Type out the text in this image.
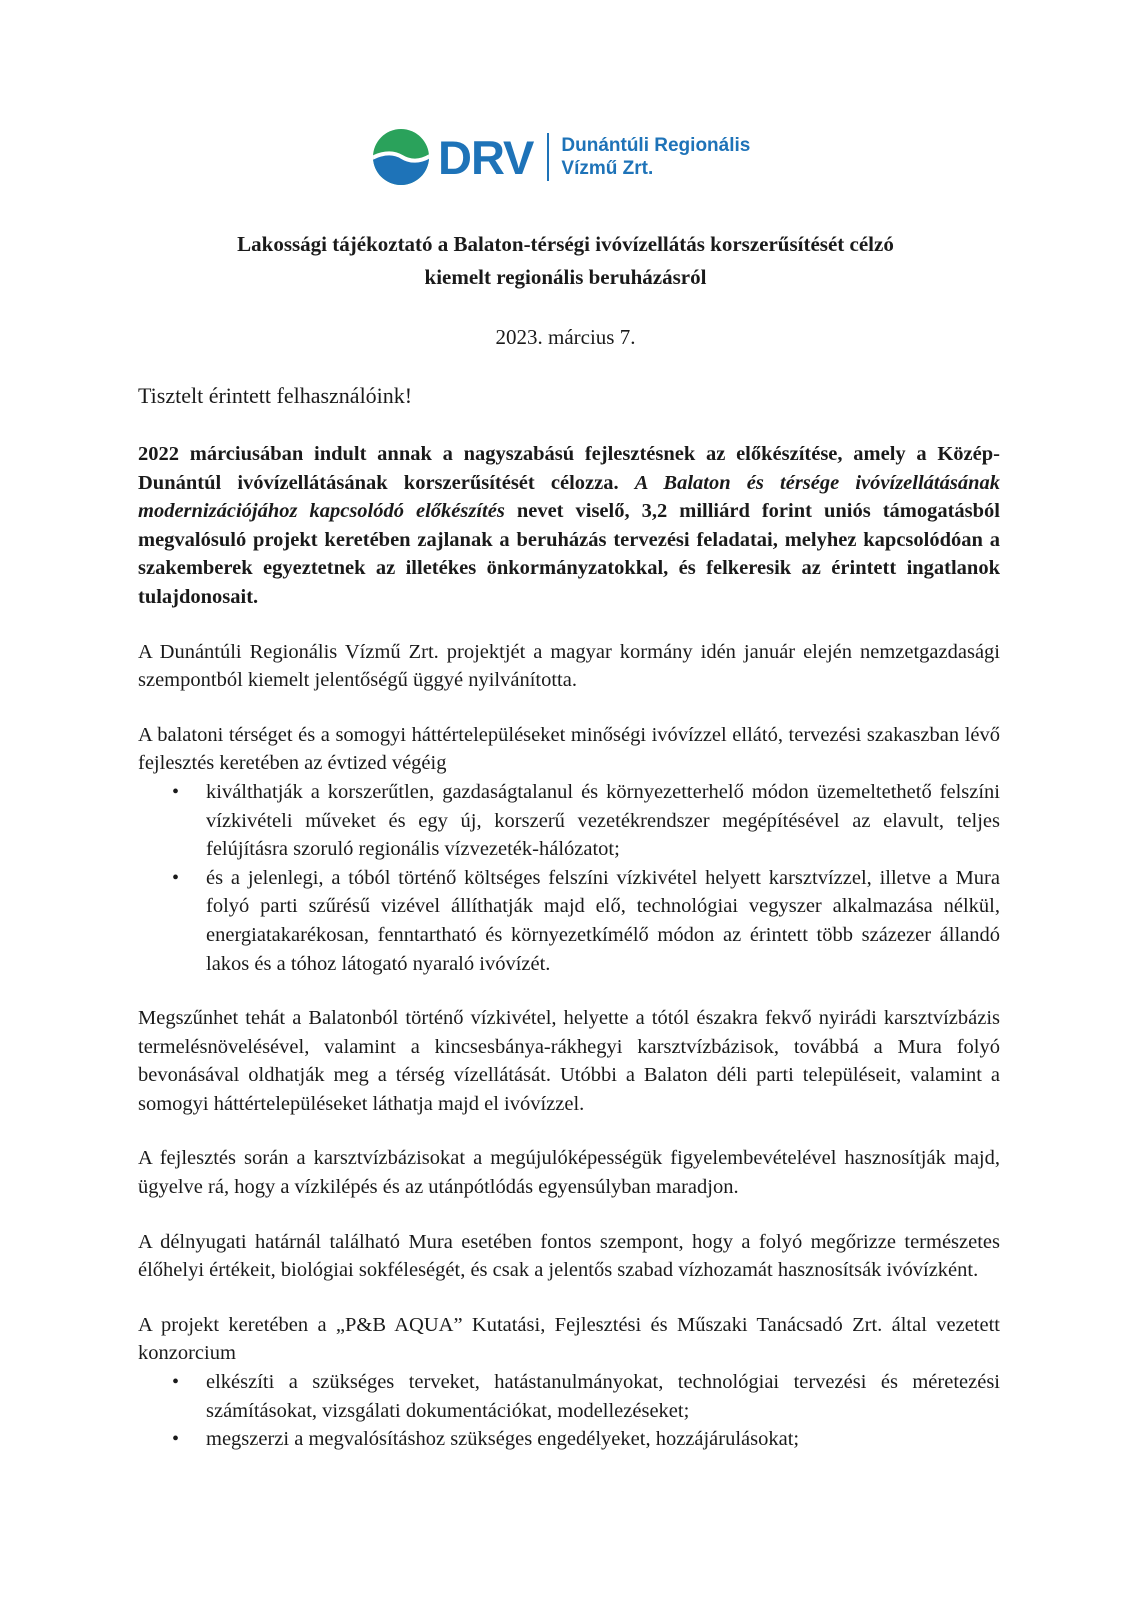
DRV Dunántúli Regionális
Vízmű Zrt.
Lakossági tájékoztató a Balaton-térségi ivóvízellátás korszerűsítését célzó
kiemelt regionális beruházásról
2023. március 7.
Tisztelt érintett felhasználóink!

2022 márciusában indult annak a nagyszabású fejlesztésnek az előkészítése, amely a Közép-Dunántúl ivóvízellátásának korszerűsítését célozza. A Balaton és térsége ivóvízellátásának modernizációjához kapcsolódó előkészítés nevet viselő, 3,2 milliárd forint uniós támogatásból megvalósuló projekt keretében zajlanak a beruházás tervezési feladatai, melyhez kapcsolódóan a szakemberek egyeztetnek az illetékes önkormányzatokkal, és felkeresik az érintett ingatlanok tulajdonosait.

A Dunántúli Regionális Vízmű Zrt. projektjét a magyar kormány idén január elején nemzetgazdasági szempontból kiemelt jelentőségű üggyé nyilvánította.

A balatoni térséget és a somogyi háttértelepüléseket minőségi ivóvízzel ellátó, tervezési szakaszban lévő fejlesztés keretében az évtized végéig

• kiválthatják a korszerűtlen, gazdaságtalanul és környezetterhelő módon üzemeltethető felszíni vízkivételi műveket és egy új, korszerű vezetékrendszer megépítésével az elavult, teljes felújításra szoruló regionális vízvezeték-hálózatot;
• és a jelenlegi, a tóból történő költséges felszíni vízkivétel helyett karsztvízzel, illetve a Mura folyó parti szűrésű vizével állíthatják majd elő, technológiai vegyszer alkalmazása nélkül, energiatakarékosan, fenntartható és környezetkímélő módon az érintett több százezer állandó lakos és a tóhoz látogató nyaraló ivóvízét.

Megszűnhet tehát a Balatonból történő vízkivétel, helyette a tótól északra fekvő nyirádi karsztvízbázis termelésnövelésével, valamint a kincsesbánya-rákhegyi karsztvízbázisok, továbbá a Mura folyó bevonásával oldhatják meg a térség vízellátását. Utóbbi a Balaton déli parti településeit, valamint a somogyi háttértelepüléseket láthatja majd el ivóvízzel.

A fejlesztés során a karsztvízbázisokat a megújulóképességük figyelembevételével hasznosítják majd, ügyelve rá, hogy a vízkilépés és az utánpótlódás egyensúlyban maradjon.

A délnyugati határnál található Mura esetében fontos szempont, hogy a folyó megőrizze természetes élőhelyi értékeit, biológiai sokféleségét, és csak a jelentős szabad vízhozamát hasznosítsák ivóvízként.

A projekt keretében a „P&B AQUA” Kutatási, Fejlesztési és Műszaki Tanácsadó Zrt. által vezetett konzorcium

• elkészíti a szükséges terveket, hatástanulmányokat, technológiai tervezési és méretezési számításokat, vizsgálati dokumentációkat, modellezéseket;
• megszerzi a megvalósításhoz szükséges engedélyeket, hozzájárulásokat;
